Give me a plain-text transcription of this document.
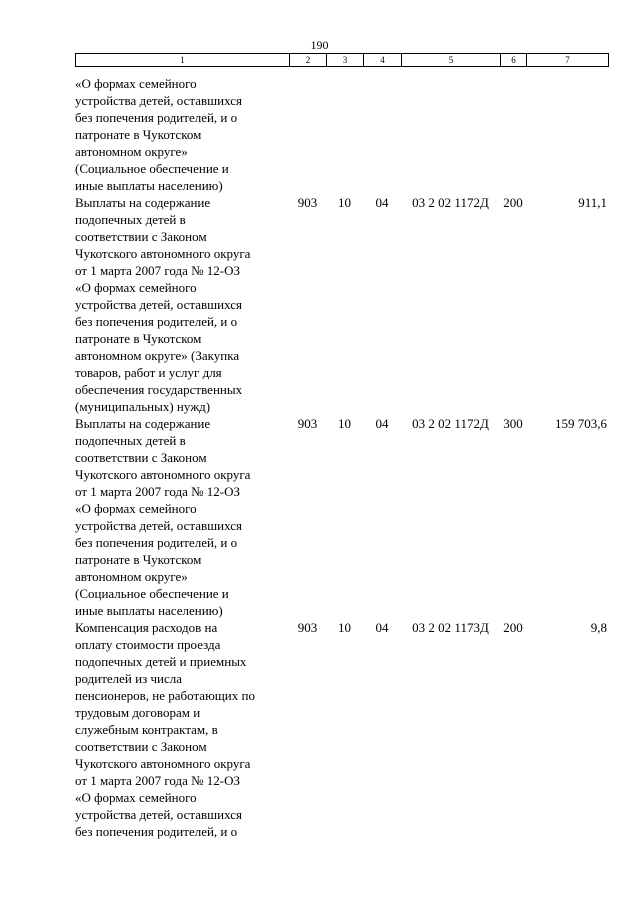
190
1	2	3	4	5	6	7
«О формах семейного
устройства детей, оставшихся
без попечения родителей, и о
патронате в Чукотском
автономном округе»
(Социальное обеспечение и
иные выплаты населению)
Выплаты на содержание
подопечных детей в
соответствии с Законом
Чукотского автономного округа
от 1 марта 2007 года № 12-ОЗ
«О формах семейного
устройства детей, оставшихся
без попечения родителей, и о
патронате в Чукотском
автономном округе» (Закупка
товаров, работ и услуг для
обеспечения государственных
(муниципальных) нужд)
903	10	04	03 2 02 1172Д	200	911,1
Выплаты на содержание
подопечных детей в
соответствии с Законом
Чукотского автономного округа
от 1 марта 2007 года № 12-ОЗ
«О формах семейного
устройства детей, оставшихся
без попечения родителей, и о
патронате в Чукотском
автономном округе»
(Социальное обеспечение и
иные выплаты населению)
903	10	04	03 2 02 1172Д	300	159 703,6
Компенсация расходов на
оплату стоимости проезда
подопечных детей и приемных
родителей из числа
пенсионеров, не работающих по
трудовым договорам и
служебным контрактам, в
соответствии с Законом
Чукотского автономного округа
от 1 марта 2007 года № 12-ОЗ
«О формах семейного
устройства детей, оставшихся
без попечения родителей, и о
903	10	04	03 2 02 1173Д	200	9,8
